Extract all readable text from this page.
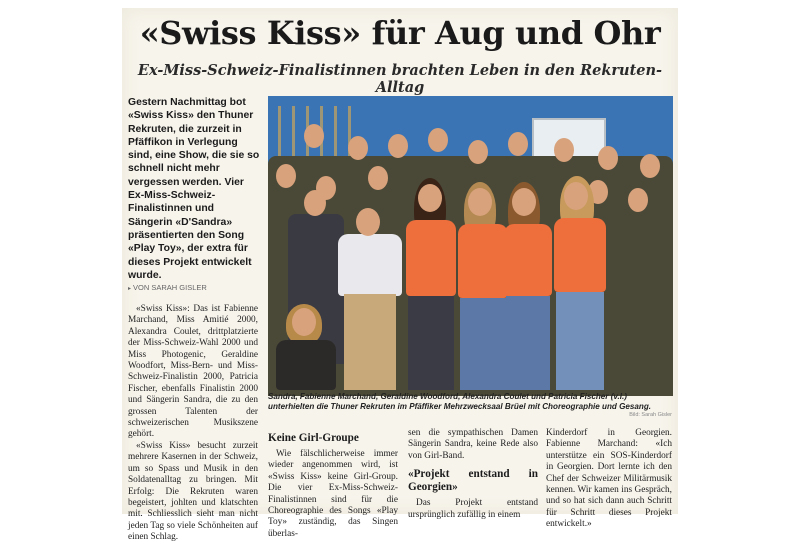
«Swiss Kiss» für Aug und Ohr
Ex-Miss-Schweiz-Finalistinnen brachten Leben in den Rekruten-Alltag
Gestern Nachmittag bot «Swiss Kiss» den Thuner Rekruten, die zurzeit in Pfäffikon in Verlegung sind, eine Show, die sie so schnell nicht mehr vergessen werden. Vier Ex-Miss-Schweiz-Finalistinnen und Sängerin «D'Sandra» präsentierten den Song «Play Toy», der extra für dieses Projekt entwickelt wurde.
▸ VON SARAH GISLER

«Swiss Kiss»: Das ist Fabienne Marchand, Miss Amitié 2000, Alexandra Coulet, drittplatzierte der Miss-Schweiz-Wahl 2000 und Miss Photogenic, Geraldine Woodfort, Miss-Bern- und Miss-Schweiz-Finalistin 2000, Patricia Fischer, ebenfalls Finalistin 2000 und Sängerin Sandra, die zu den grossen Talenten der schweizerischen Musikszene gehört.

«Swiss Kiss» besucht zurzeit mehrere Kasernen in der Schweiz, um so Spass und Musik in den Soldatenalltag zu bringen. Mit Erfolg: Die Rekruten waren begeistert, johlten und klatschten mit. Schliesslich sieht man nicht jeden Tag so viele Schönheiten auf einen Schlag.

Sandra, Fabienne Marchand, Geraldine Woodford, Alexandra Coulet und Patricia Fischer (v.l.) unterhielten die Thuner Rekruten im Pfäffiker Mehrzwecksaal Brüel mit Choreographie und Gesang.
Bild: Sarah Gisler
Keine Girl-Groupe

Wie fälschlicherweise immer wieder angenommen wird, ist «Swiss Kiss» keine Girl-Group. Die vier Ex-Miss-Schweiz-Finalistinnen sind für die Choreographie des Songs «Play Toy» zuständig, das Singen überlas-

sen die sympathischen Damen Sängerin Sandra, keine Rede also von Girl-Band.

«Projekt entstand in Georgien»

Das Projekt entstand ursprünglich zufällig in einem

Kinderdorf in Georgien. Fabienne Marchand: «Ich unterstütze ein SOS-Kinderdorf in Georgien. Dort lernte ich den Chef der Schweizer Militärmusik kennen. Wir kamen ins Gespräch, und so hat sich dann auch Schritt für Schritt dieses Projekt entwickelt.»
